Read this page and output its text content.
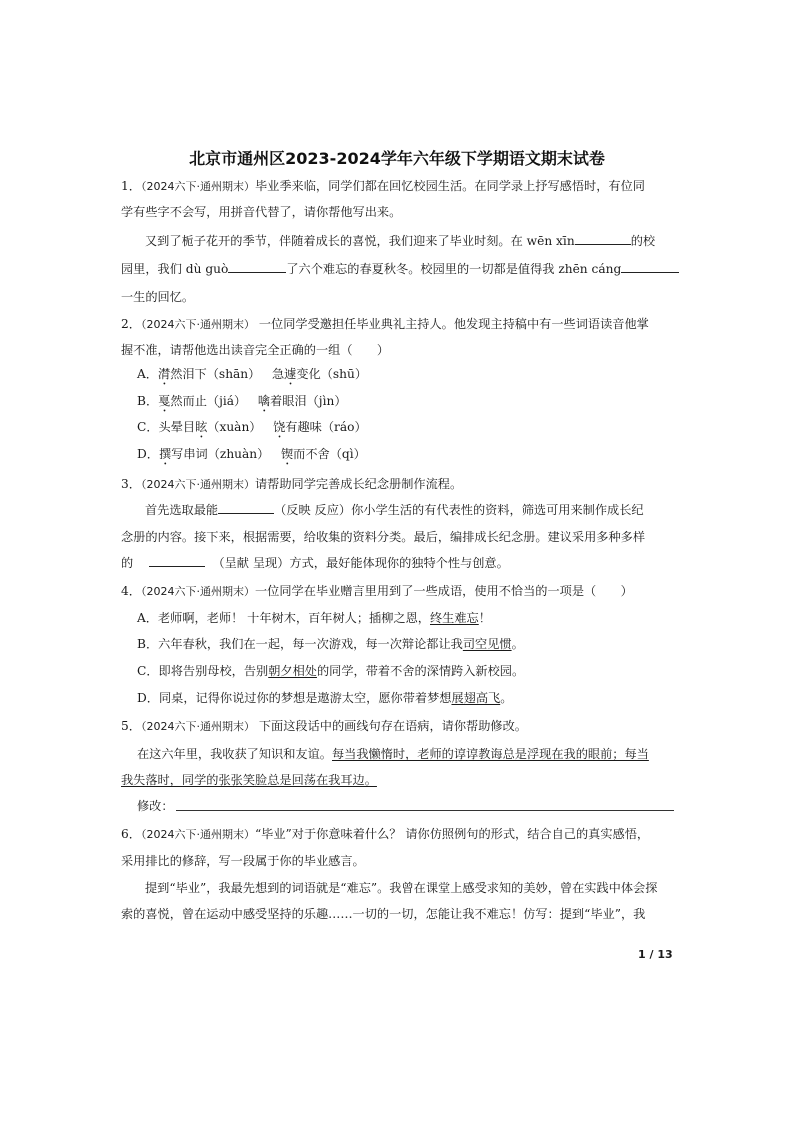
北京市通州区2023-2024学年六年级下学期语文期末试卷
1．（2024六下·通州期末）毕业季来临，同学们都在回忆校园生活。在同学录上抒写感悟时，有位同
学有些字不会写，用拼音代替了，请你帮他写出来。
又到了栀子花开的季节，伴随着成长的喜悦，我们迎来了毕业时刻。在 wēn xīn	的校
园里，我们 dù guò	了六个难忘的春夏秋冬。校园里的一切都是值得我 zhēn cáng
一生的回忆。
2．（2024六下·通州期末） 一位同学受邀担任毕业典礼主持人。他发现主持稿中有一些词语读音他掌
握不准，请帮他选出读音完全正确的一组（　　）
A．潸然泪下（shān） 急遽变化（shū）
B．戛然而止（jiá） 噙着眼泪（jìn）
C．头晕目眩（xuàn） 饶有趣味（ráo）
D．撰写串词（zhuàn） 锲而不舍（qì）
3．（2024六下·通州期末）请帮助同学完善成长纪念册制作流程。
首先选取最能	（反映 反应）你小学生活的有代表性的资料，筛选可用来制作成长纪
念册的内容。接下来，根据需要，给收集的资料分类。最后，编排成长纪念册。建议采用多种多样
的	（呈献 呈现）方式，最好能体现你的独特个性与创意。
4．（2024六下·通州期末）一位同学在毕业赠言里用到了一些成语，使用不恰当的一项是（　　）
A．老师啊，老师！ 十年树木，百年树人；插柳之恩，终生难忘！
B．六年春秋，我们在一起，每一次游戏，每一次辩论都让我司空见惯。
C．即将告别母校，告别朝夕相处的同学，带着不舍的深情跨入新校园。
D．同桌，记得你说过你的梦想是遨游太空，愿你带着梦想展翅高飞。
5．（2024六下·通州期末） 下面这段话中的画线句存在语病，请你帮助修改。
在这六年里，我收获了知识和友谊。每当我懒惰时，老师的谆谆教诲总是浮现在我的眼前；每当
我失落时，同学的张张笑脸总是回荡在我耳边。
修改：
6．（2024六下·通州期末）“毕业”对于你意味着什么？ 请你仿照例句的形式，结合自己的真实感悟，
采用排比的修辞，写一段属于你的毕业感言。
提到“毕业”，我最先想到的词语就是“难忘”。我曾在课堂上感受求知的美妙，曾在实践中体会探
索的喜悦，曾在运动中感受坚持的乐趣……一切的一切，怎能让我不难忘！仿写：提到“毕业”，我
1 / 13
